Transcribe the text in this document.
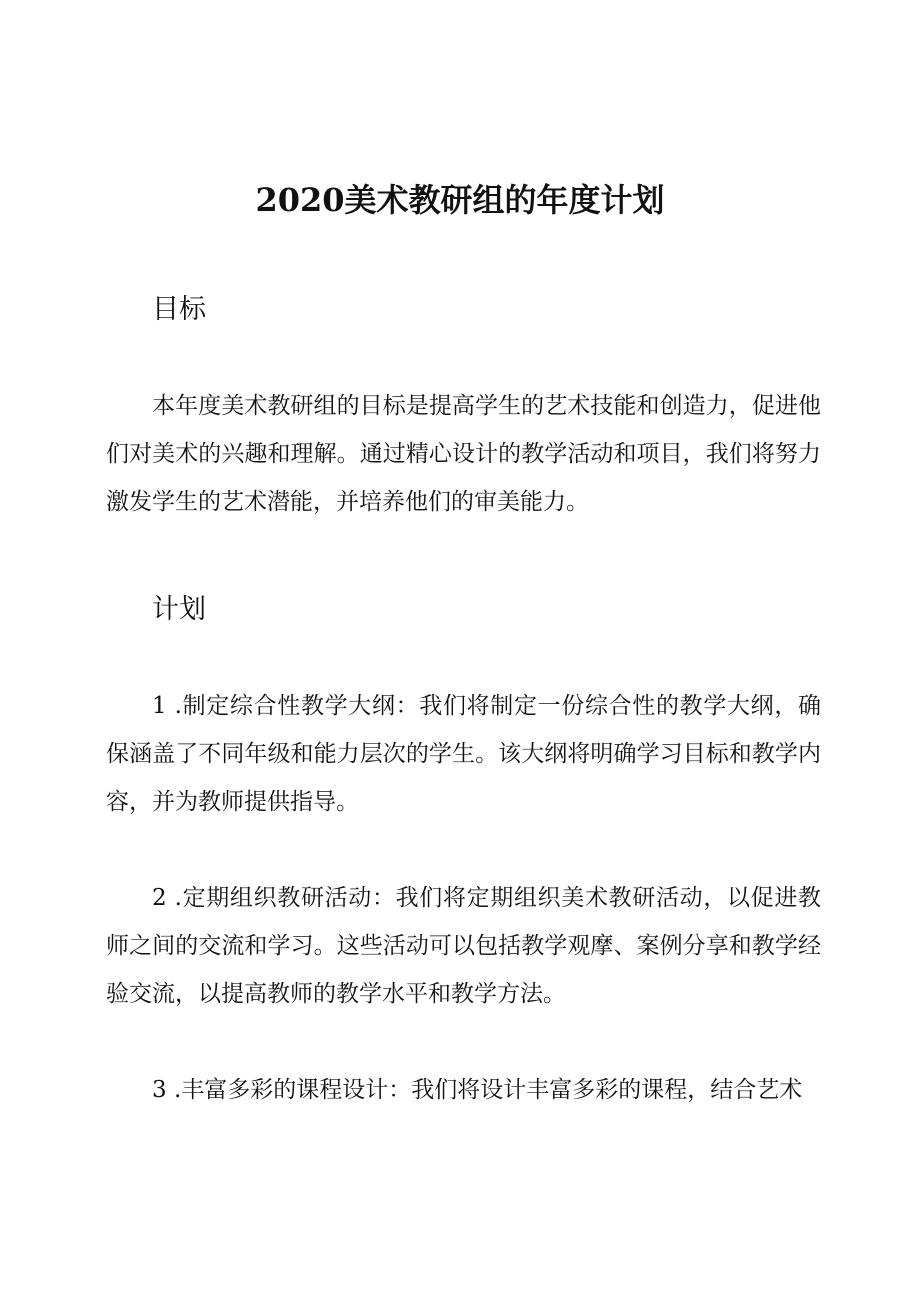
2020美术教研组的年度计划
目标

本年度美术教研组的目标是提高学生的艺术技能和创造力，促进他们对美术的兴趣和理解。通过精心设计的教学活动和项目，我们将努力激发学生的艺术潜能，并培养他们的审美能力。

计划

1 .制定综合性教学大纲：我们将制定一份综合性的教学大纲，确保涵盖了不同年级和能力层次的学生。该大纲将明确学习目标和教学内容，并为教师提供指导。

2 .定期组织教研活动：我们将定期组织美术教研活动，以促进教师之间的交流和学习。这些活动可以包括教学观摩、案例分享和教学经验交流，以提高教师的教学水平和教学方法。

3 .丰富多彩的课程设计：我们将设计丰富多彩的课程，结合艺术
